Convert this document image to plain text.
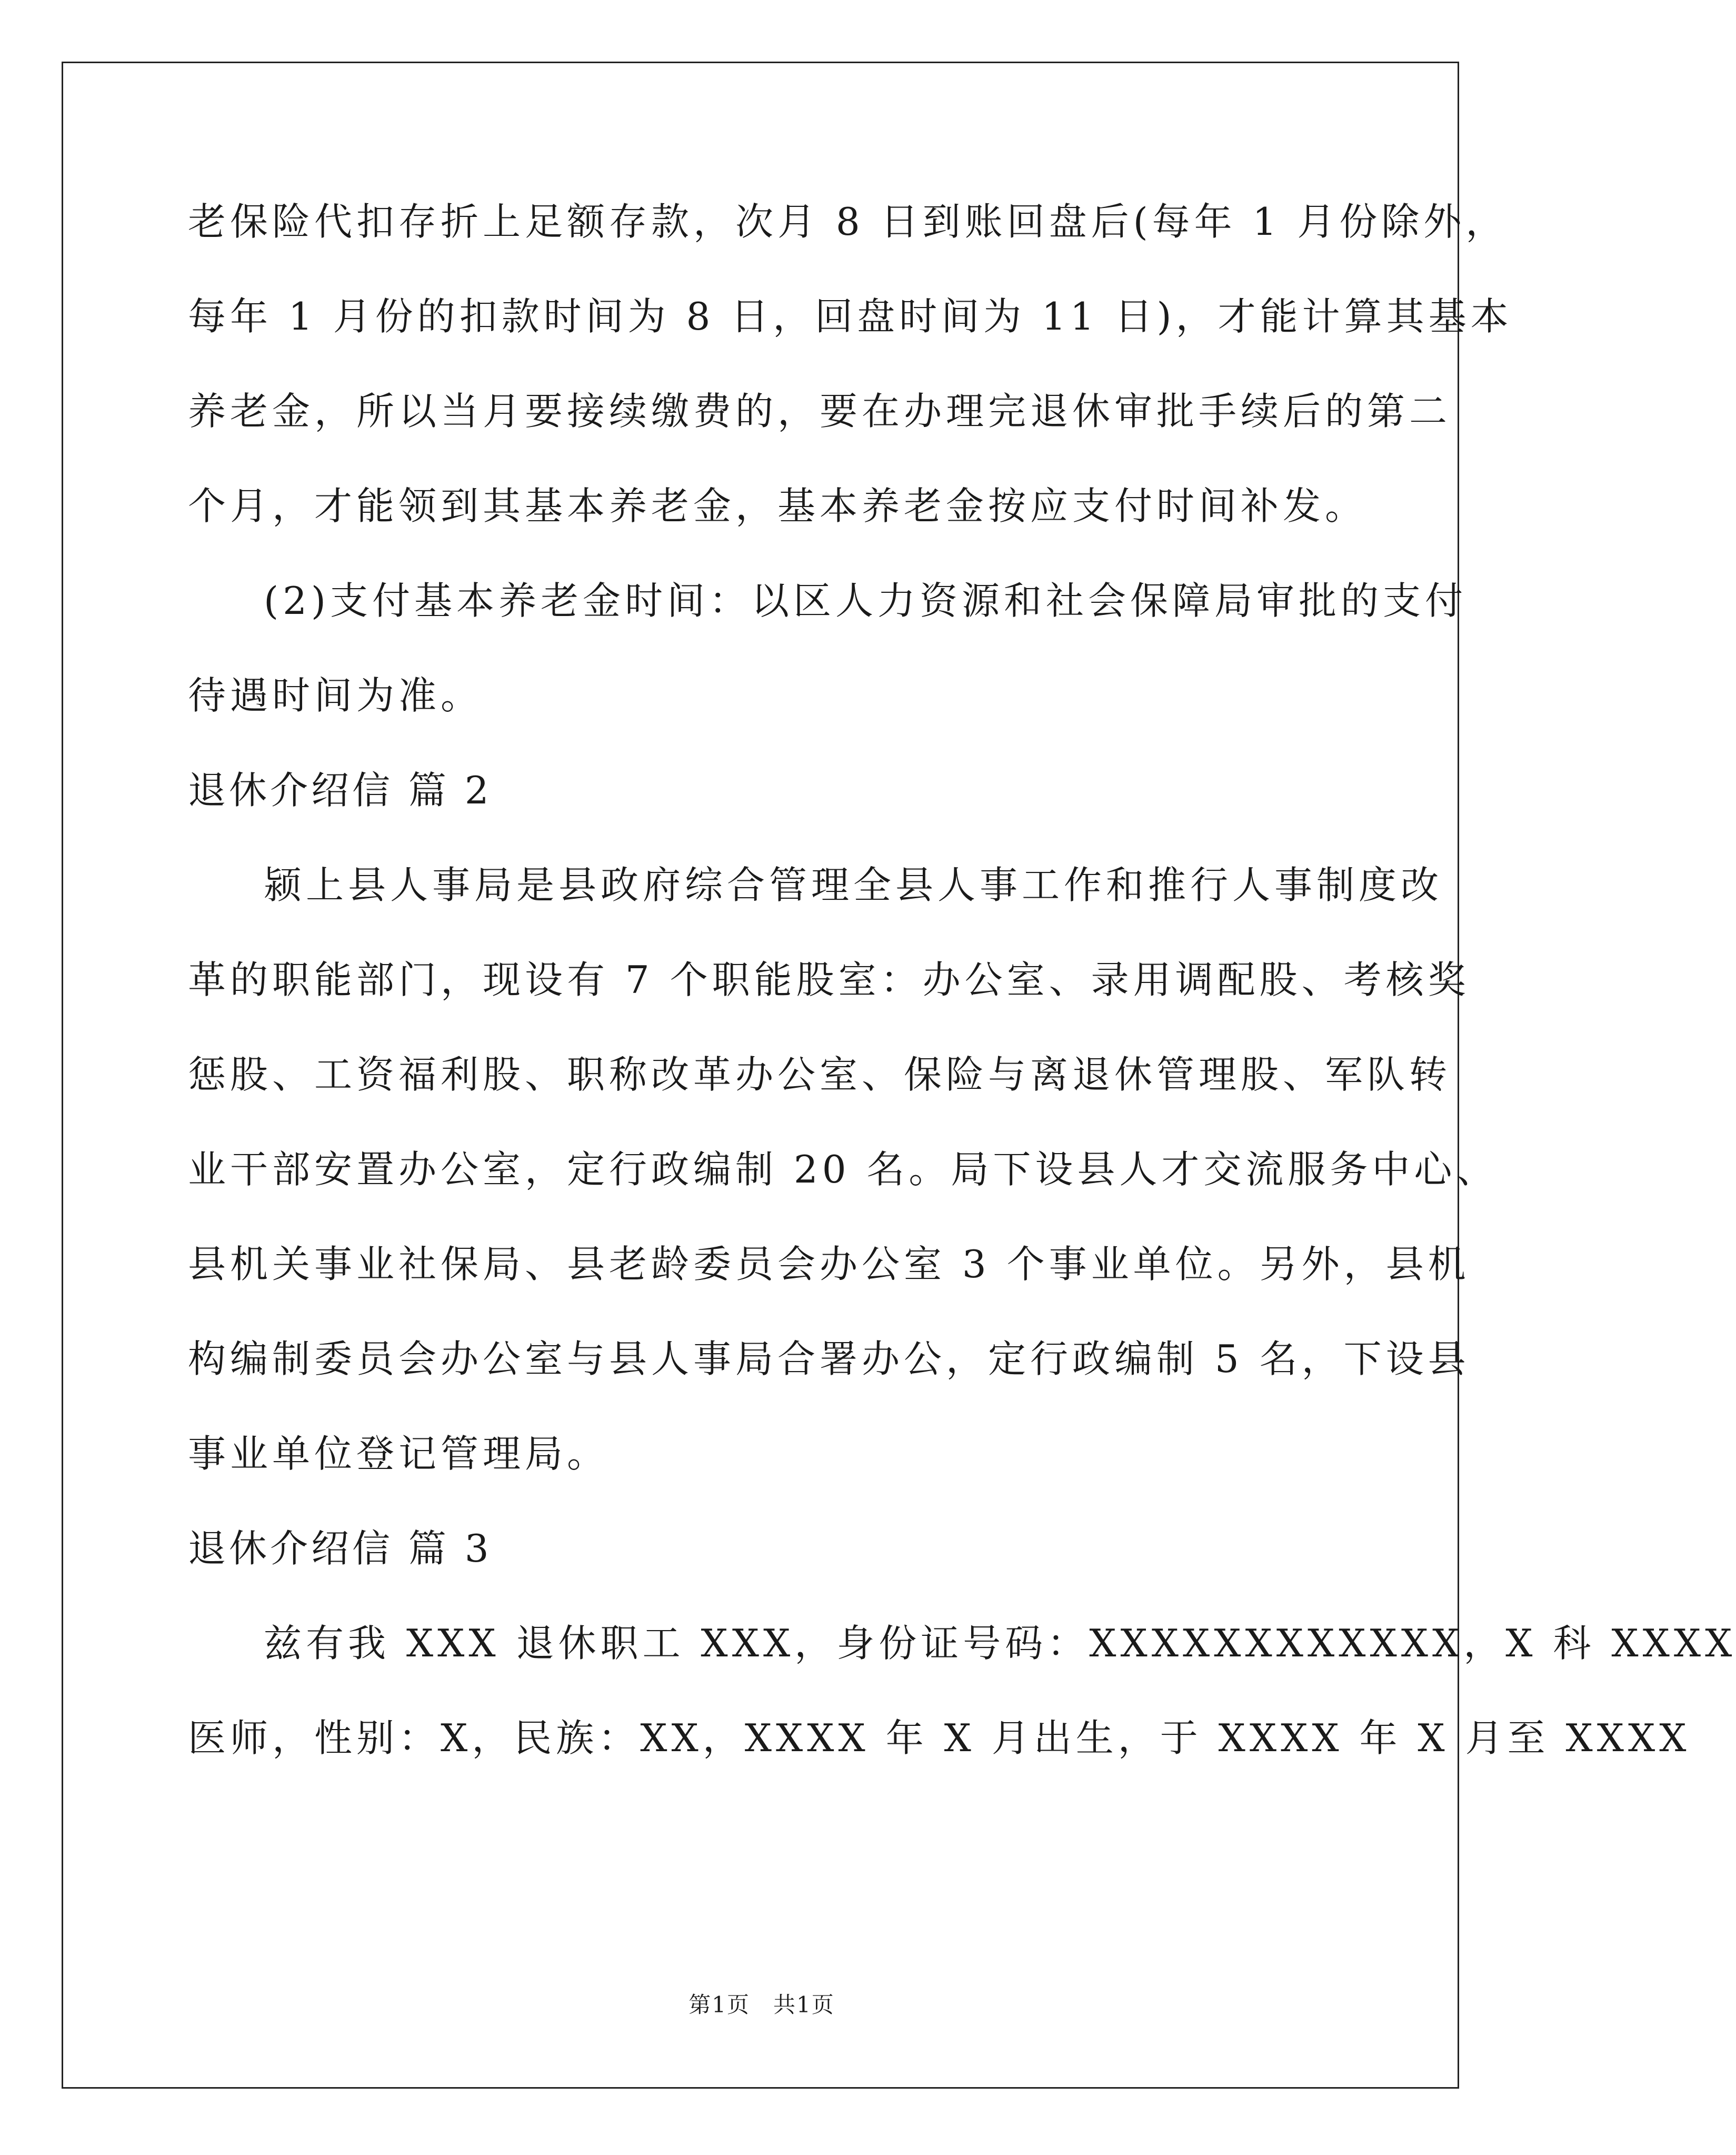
老保险代扣存折上足额存款，次月 8 日到账回盘后(每年 1 月份除外，
每年 1 月份的扣款时间为 8 日，回盘时间为 11 日)，才能计算其基本
养老金，所以当月要接续缴费的，要在办理完退休审批手续后的第二
个月，才能领到其基本养老金，基本养老金按应支付时间补发。
(2)支付基本养老金时间：以区人力资源和社会保障局审批的支付
待遇时间为准。
退休介绍信 篇 2
颍上县人事局是县政府综合管理全县人事工作和推行人事制度改
革的职能部门，现设有 7 个职能股室：办公室、录用调配股、考核奖
惩股、工资福利股、职称改革办公室、保险与离退休管理股、军队转
业干部安置办公室，定行政编制 20 名。局下设县人才交流服务中心、
县机关事业社保局、县老龄委员会办公室 3 个事业单位。另外，县机
构编制委员会办公室与县人事局合署办公，定行政编制 5 名，下设县
事业单位登记管理局。
退休介绍信 篇 3
兹有我 XXX 退休职工 XXX，身份证号码：XXXXXXXXXXXX，X 科 XXXX
医师，性别：X，民族：XX，XXXX 年 X 月出生，于 XXXX 年 X 月至 XXXX
第1页　共1页
